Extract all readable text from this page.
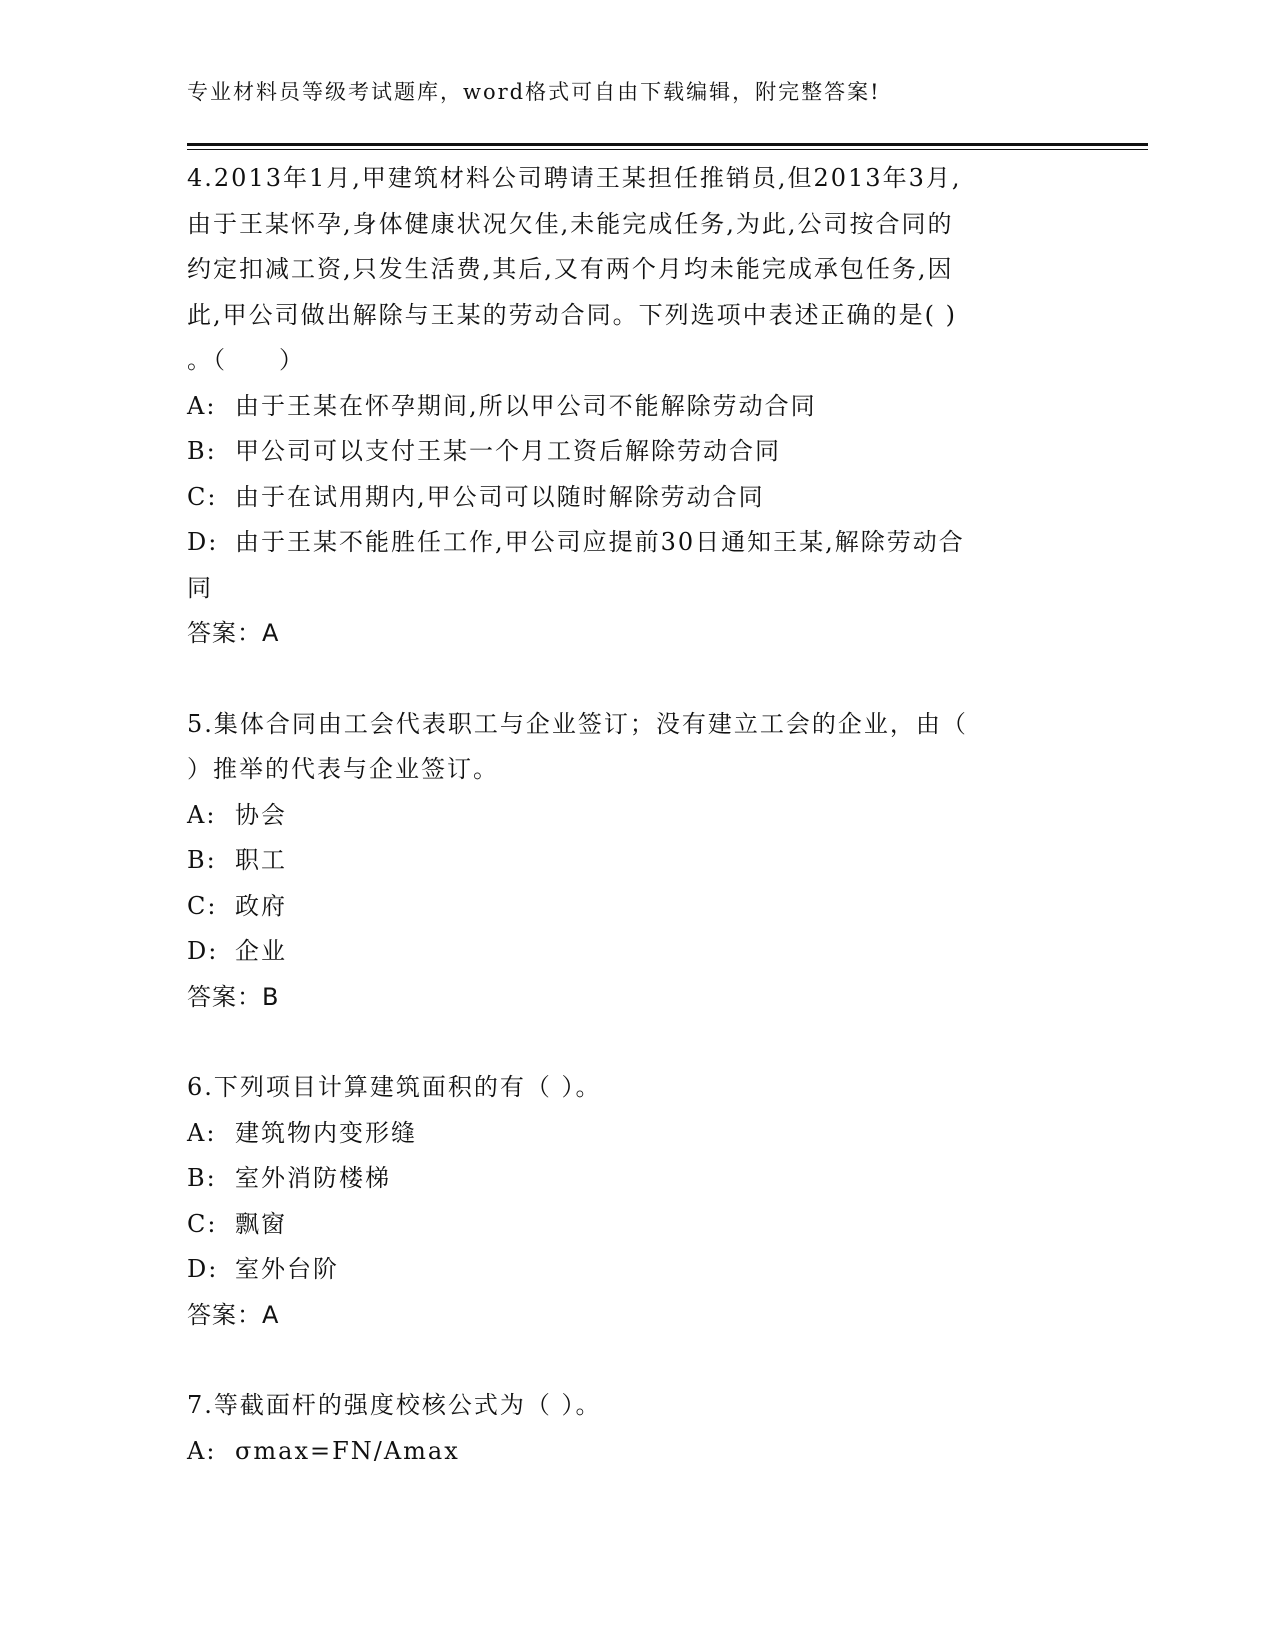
专业材料员等级考试题库，word格式可自由下载编辑，附完整答案!
4.2013年1月,甲建筑材料公司聘请王某担任推销员,但2013年3月,
由于王某怀孕,身体健康状况欠佳,未能完成任务,为此,公司按合同的
约定扣减工资,只发生活费,其后,又有两个月均未能完成承包任务,因
此,甲公司做出解除与王某的劳动合同。下列选项中表述正确的是( )
。（　　）
A: 由于王某在怀孕期间,所以甲公司不能解除劳动合同
B: 甲公司可以支付王某一个月工资后解除劳动合同
C: 由于在试用期内,甲公司可以随时解除劳动合同
D: 由于王某不能胜任工作,甲公司应提前30日通知王某,解除劳动合
同
答案：A
5.集体合同由工会代表职工与企业签订；没有建立工会的企业，由（
）推举的代表与企业签订。
A: 协会
B: 职工
C: 政府
D: 企业
答案：B
6.下列项目计算建筑面积的有（ ）。
A: 建筑物内变形缝
B: 室外消防楼梯
C: 飘窗
D: 室外台阶
答案：A
7.等截面杆的强度校核公式为（ ）。
A: σmax=FN/Amax
